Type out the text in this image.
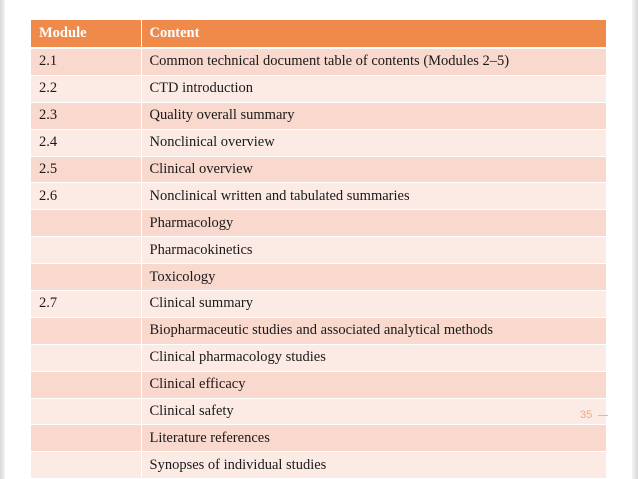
Module	Content
2.1	Common technical document table of contents (Modules 2–5)
2.2	CTD introduction
2.3	Quality overall summary
2.4	Nonclinical overview
2.5	Clinical overview
2.6	Nonclinical written and tabulated summaries
	Pharmacology
	Pharmacokinetics
	Toxicology
2.7	Clinical summary
	Biopharmaceutic studies and associated analytical methods
	Clinical pharmacology studies
	Clinical efficacy
	Clinical safety
	Literature references
	Synopses of individual studies
35
